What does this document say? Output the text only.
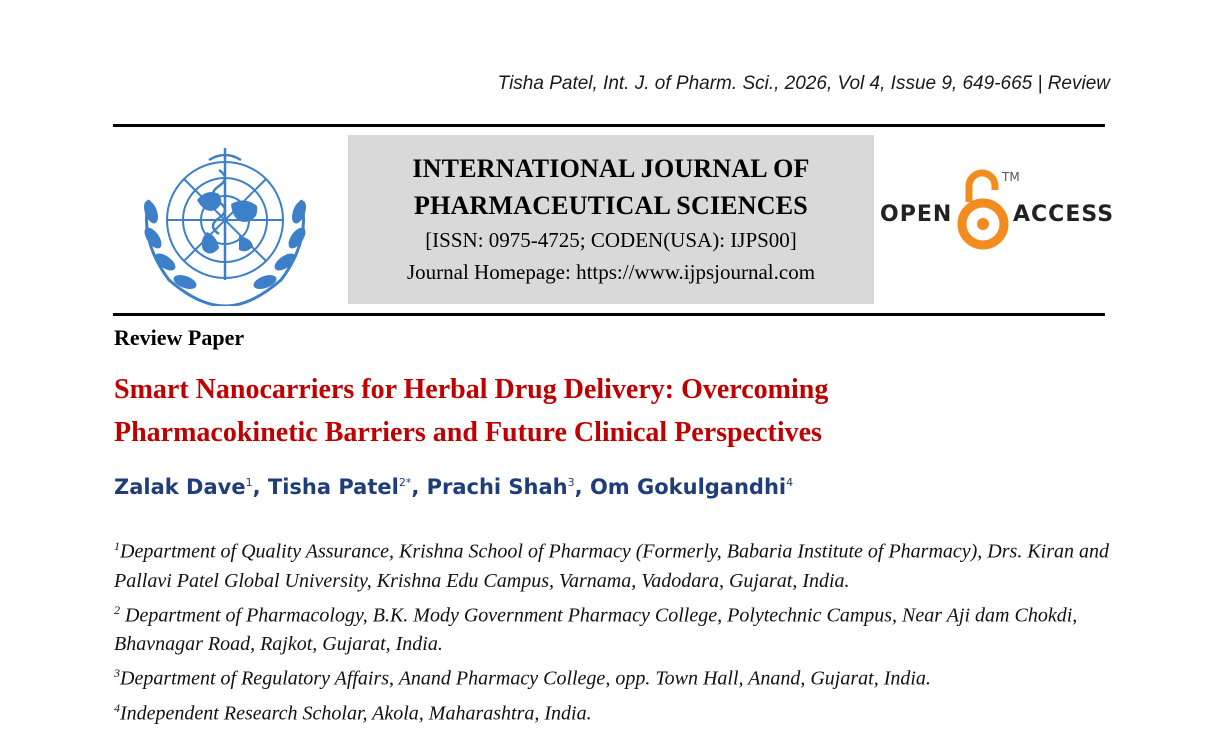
Tisha Patel, Int. J. of Pharm. Sci., 2026, Vol 4, Issue 9, 649-665 | Review
INTERNATIONAL JOURNAL OF
PHARMACEUTICAL SCIENCES
[ISSN: 0975-4725; CODEN(USA): IJPS00]
Journal Homepage: https://www.ijpsjournal.com
OPEN
TM
ACCESS
Review Paper
Smart Nanocarriers for Herbal Drug Delivery: Overcoming
Pharmacokinetic Barriers and Future Clinical Perspectives
Zalak Dave$^1$, Tisha Patel$^{2*}$, Prachi Shah$^3$, Om Gokulgandhi$^4$

$^1$Department of Quality Assurance, Krishna School of Pharmacy (Formerly, Babaria Institute of Pharmacy), Drs. Kiran and Pallavi Patel Global University, Krishna Edu Campus, Varnama, Vadodara, Gujarat, India.

$^2$ Department of Pharmacology, B.K. Mody Government Pharmacy College, Polytechnic Campus, Near Aji dam Chokdi, Bhavnagar Road, Rajkot, Gujarat, India.

$^3$Department of Regulatory Affairs, Anand Pharmacy College, opp. Town Hall, Anand, Gujarat, India.

$^4$Independent Research Scholar, Akola, Maharashtra, India.
